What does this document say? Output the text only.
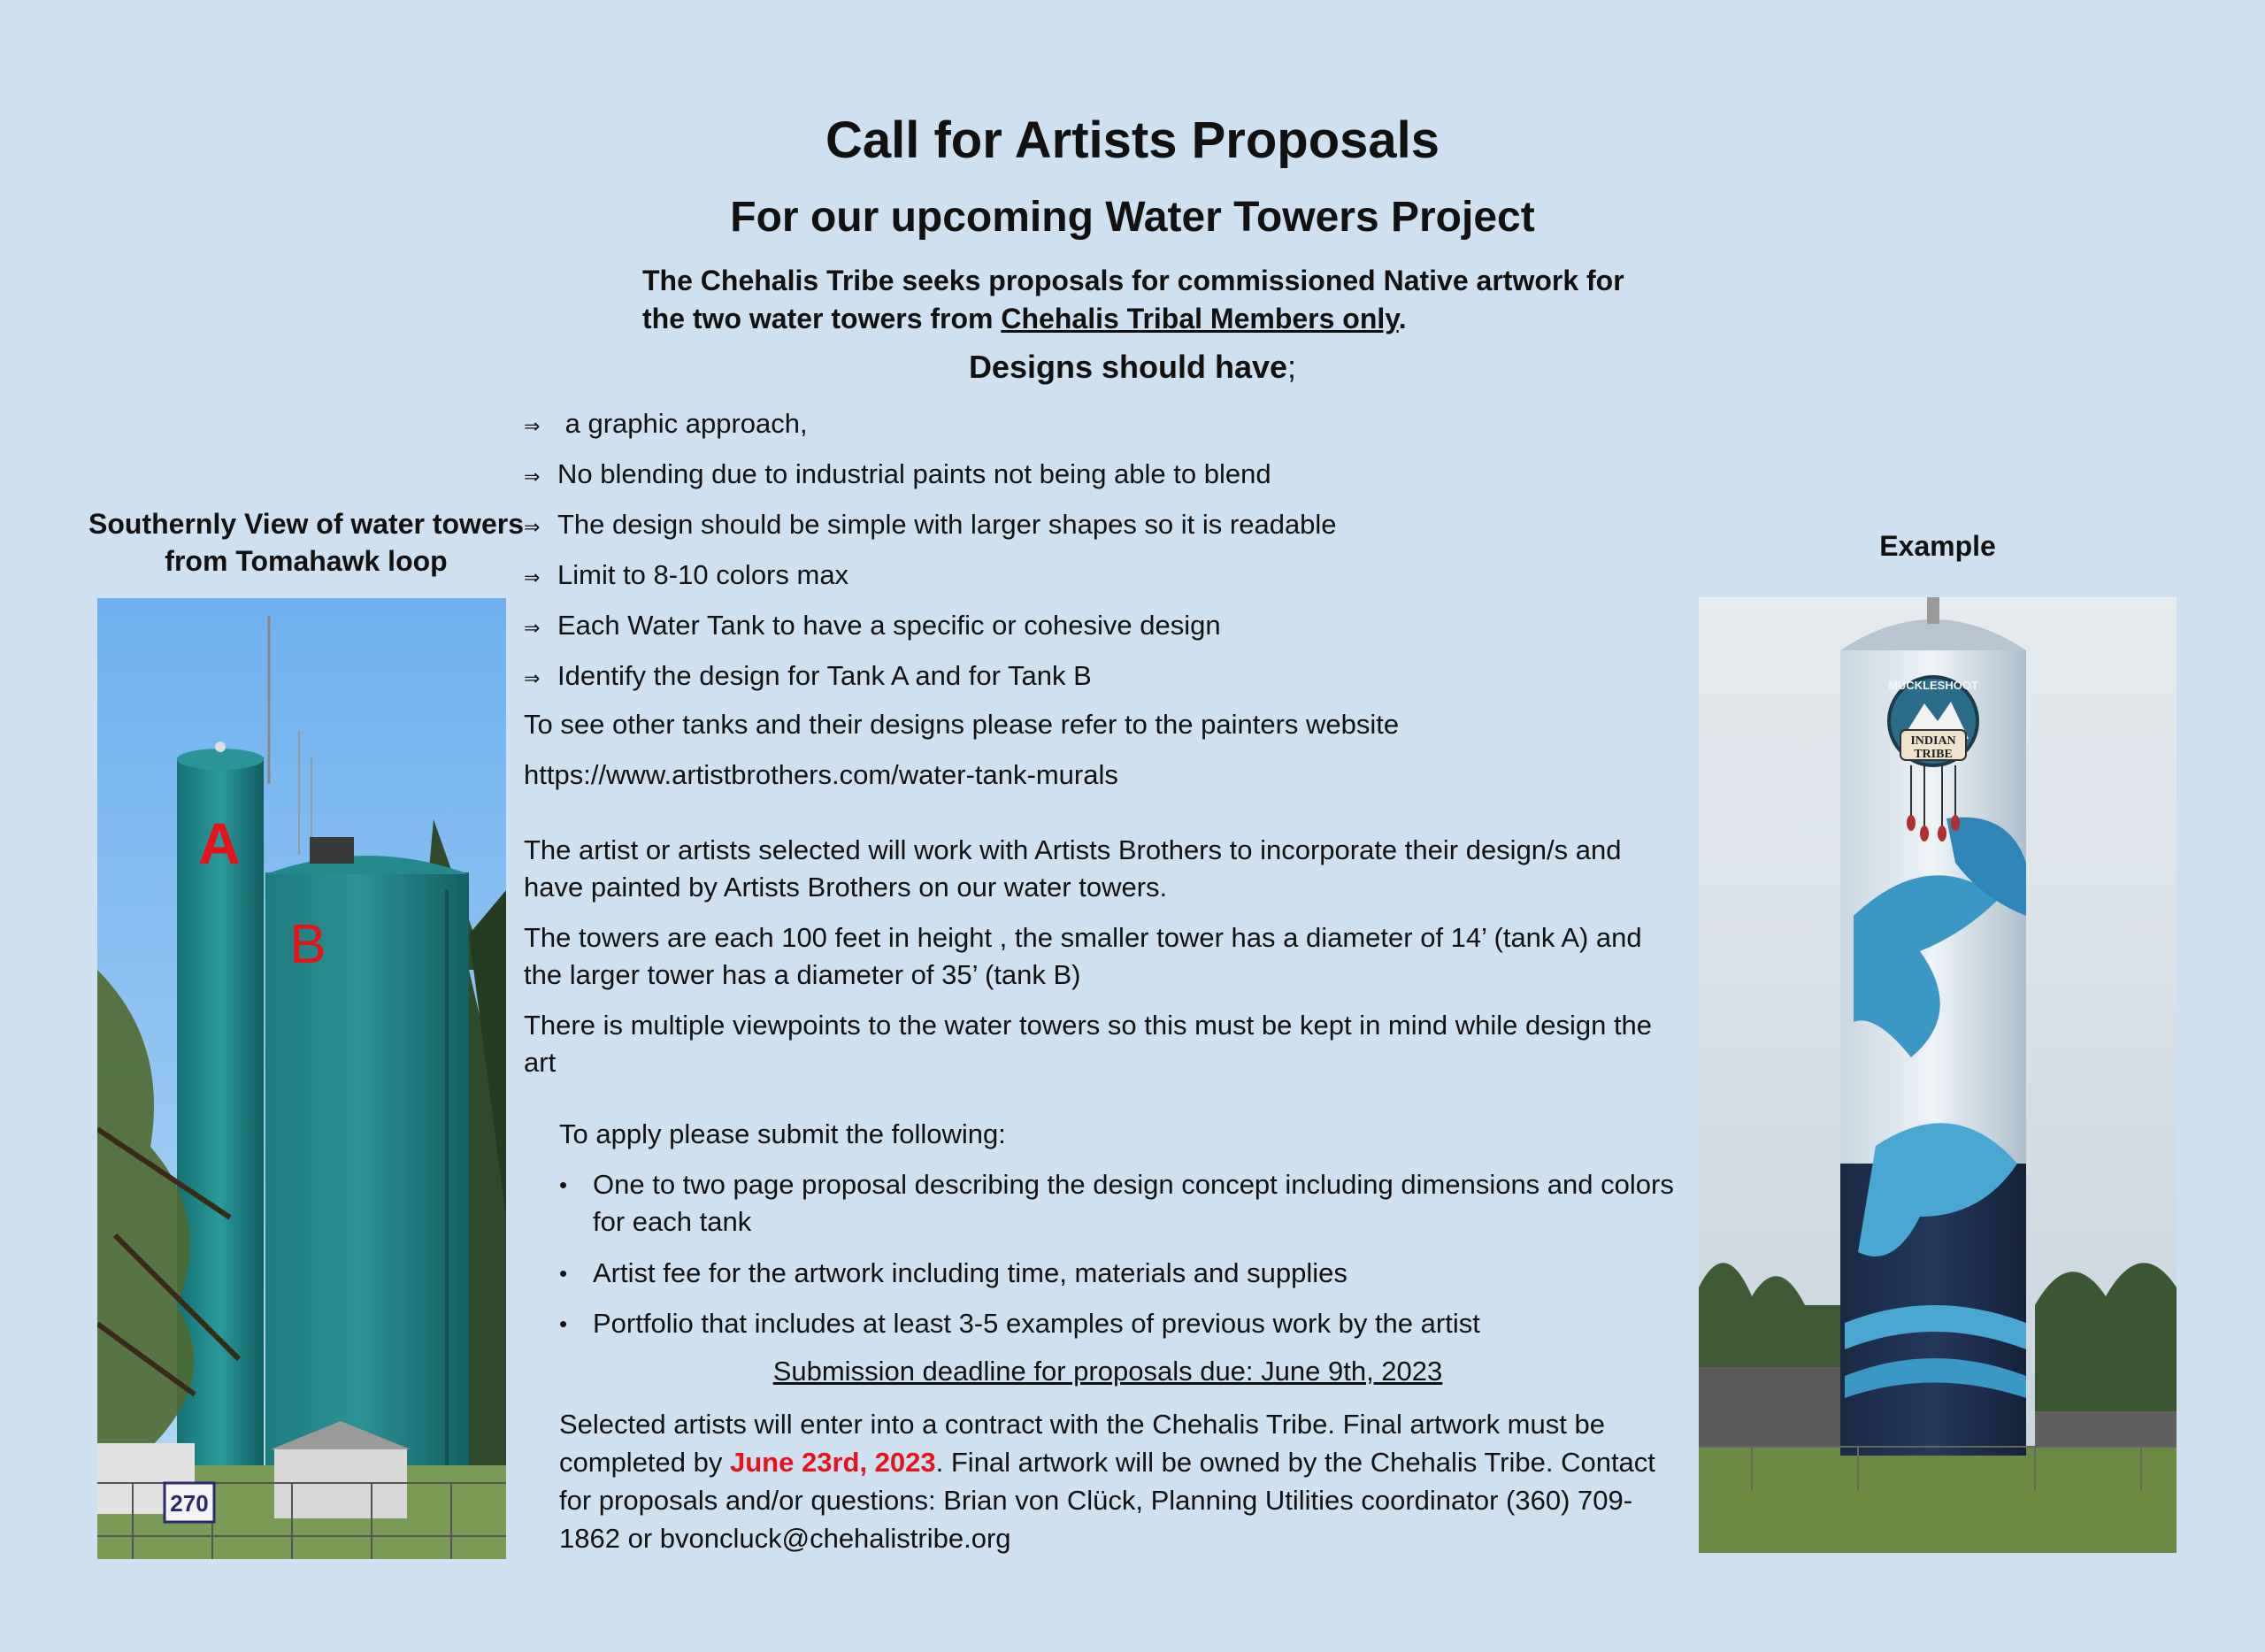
Call for Artists Proposals
For our upcoming Water Towers Project
The Chehalis Tribe seeks proposals for commissioned Native artwork for the two water towers from Chehalis Tribal Members only.
Designs should have;
⇒ a graphic approach,
⇒ No blending due to industrial paints not being able to blend
⇒ The design should be simple with larger shapes so it is readable
⇒ Limit to 8-10 colors max
⇒ Each Water Tank to have a specific or cohesive design
⇒ Identify the design for Tank A and for Tank B
To see other tanks and their designs please refer to the painters website
https://www.artistbrothers.com/water-tank-murals
The artist or artists selected will work with Artists Brothers to incorporate their design/s and have painted by Artists Brothers on our water towers.
The towers are each 100 feet in height , the smaller tower has a diameter of 14’ (tank A) and the larger tower has a diameter of 35’ (tank B)
There is multiple viewpoints to the water towers so this must be kept in mind while design the art
To apply please submit the following:
• One to two page proposal describing the design concept including dimensions and colors for each tank
• Artist fee for the artwork including time, materials and supplies
• Portfolio that includes at least 3-5 examples of previous work by the artist
Submission deadline for proposals due: June 9th, 2023
Selected artists will enter into a contract with the Chehalis Tribe. Final artwork must be completed by June 23rd, 2023. Final artwork will be owned by the Chehalis Tribe. Contact for proposals and/or questions: Brian von Clück, Planning Utilities coordinator (360) 709-1862 or bvoncluck@chehalistribe.org
Southernly View of water towers from Tomahawk loop
270
A
B
Example
MUCKLESHOOT
INDIAN
TRIBE
